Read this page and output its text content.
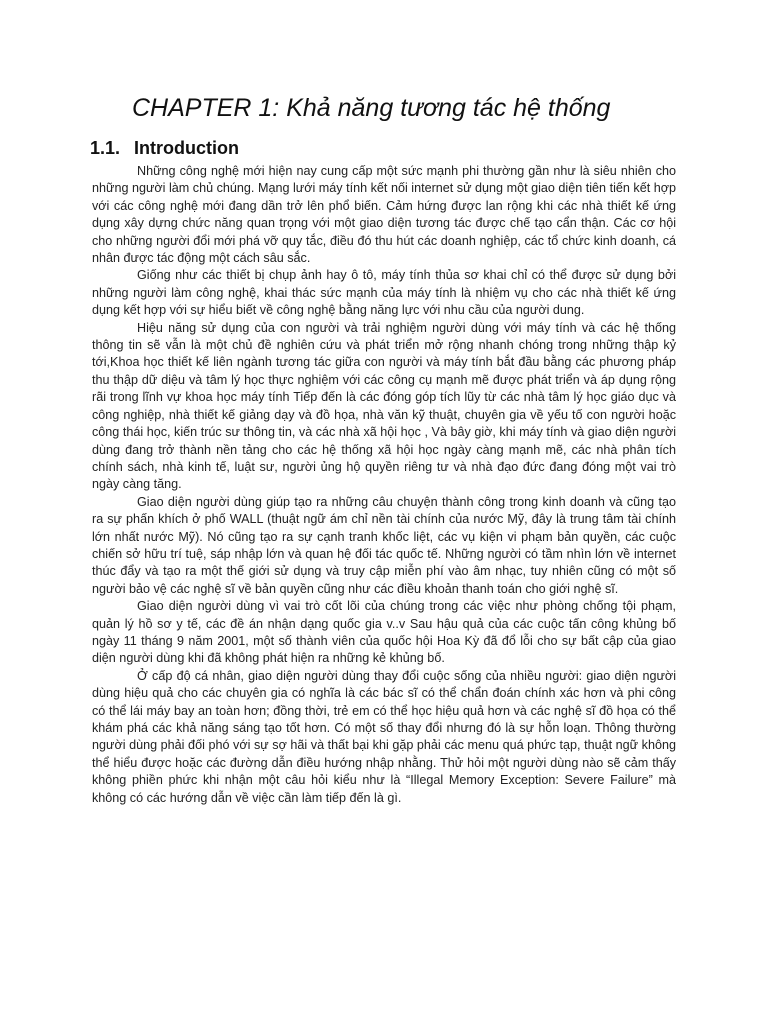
CHAPTER 1: Khả năng tương tác hệ thống
1.1. Introduction

Những công nghệ mới hiện nay cung cấp một sức mạnh phi thường gần như là siêu nhiên cho những người làm chủ chúng. Mạng lưới máy tính kết nối internet sử dụng một giao diện tiên tiến kết hợp với các công nghệ mới đang dần trở lên phổ biến. Cảm hứng được lan rộng khi các nhà thiết kế ứng dụng xây dựng chức năng quan trọng với một giao diện tương tác được chế tạo cẩn thận. Các cơ hội cho những người đổi mới phá vỡ quy tắc, điều đó thu hút các doanh nghiệp, các tổ chức kinh doanh, cá nhân được tác động một cách sâu sắc.

Giống như các thiết bị chụp ảnh hay ô tô, máy tính thủa sơ khai chỉ có thể được sử dụng bởi những người làm công nghệ, khai thác sức mạnh của máy tính là nhiệm vụ cho các nhà thiết kế ứng dụng kết hợp với sự hiểu biết về công nghệ bằng năng lực với nhu cầu của người dung.

Hiệu năng sử dụng của con người và trải nghiệm người dùng với máy tính và các hệ thống thông tin sẽ vẫn là một chủ đề nghiên cứu và phát triển mở rộng nhanh chóng trong những thập kỷ tới,Khoa học thiết kế liên ngành tương tác giữa con người và máy tính bắt đầu bằng các phương pháp thu thập dữ diệu và tâm lý học thực nghiệm với các công cụ mạnh mẽ được phát triển và áp dụng rộng rãi trong lĩnh vự khoa học máy tính Tiếp đến là các đóng góp tích lũy từ các nhà tâm lý học giáo dục và công nghiệp, nhà thiết kế giảng dạy và đồ họa, nhà văn kỹ thuật, chuyên gia về yếu tố con người hoặc công thái học, kiến trúc sư thông tin, và các nhà xã hội học , Và bây giờ, khi máy tính và giao diện người dùng đang trở thành nền tảng cho các hệ thống xã hội học ngày càng mạnh mẽ, các nhà phân tích chính sách, nhà kinh tế, luật sư, người ủng hộ quyền riêng tư và nhà đạo đức đang đóng một vai trò ngày càng tăng.

Giao diện người dùng giúp tạo ra những câu chuyện thành công trong kinh doanh và cũng tạo ra sự phấn khích ở phố WALL (thuật ngữ ám chỉ nền tài chính của nước Mỹ, đây là trung tâm tài chính lớn nhất nước Mỹ). Nó cũng tạo ra sự cạnh tranh khốc liệt, các vụ kiện vi phạm bản quyền, các cuộc chiến sở hữu trí tuệ, sáp nhập lớn và quan hệ đối tác quốc tế. Những người có tầm nhìn lớn về internet thúc đẩy và tạo ra một thế giới sử dụng và truy cập miễn phí vào âm nhạc, tuy nhiên cũng có một số người bảo vệ các nghệ sĩ về bản quyền cũng như các điều khoản thanh toán cho giới nghệ sĩ.

Giao diện người dùng vì vai trò cốt lõi của chúng trong các việc như phòng chống tội phạm, quản lý hồ sơ y tế, các đề án nhận dạng quốc gia v..v Sau hậu quả của các cuộc tấn công khủng bố ngày 11 tháng 9 năm 2001, một số thành viên của quốc hội Hoa Kỳ đã đổ lỗi cho sự bất cập của giao diện người dùng khi đã không phát hiện ra những kẻ khủng bố.

Ở cấp độ cá nhân, giao diện người dùng thay đổi cuộc sống của nhiều người: giao diện người dùng hiệu quả cho các chuyên gia có nghĩa là các bác sĩ có thể chẩn đoán chính xác hơn và phi công có thể lái máy bay an toàn hơn; đồng thời, trẻ em có thể học hiệu quả hơn và các nghệ sĩ đồ họa có thể khám phá các khả năng sáng tạo tốt hơn. Có một số thay đổi nhưng đó là sự hỗn loạn. Thông thường người dùng phải đối phó với sự sợ hãi và thất bại khi gặp phải các menu quá phức tạp, thuật ngữ không thể hiểu được hoặc các đường dẫn điều hướng nhập nhằng. Thử hỏi một người dùng nào sẽ cảm thấy không phiền phức khi nhận một câu hỏi kiểu như là “Illegal Memory Exception: Severe Failure” mà không có các hướng dẫn về việc cần làm tiếp đến là gì.
